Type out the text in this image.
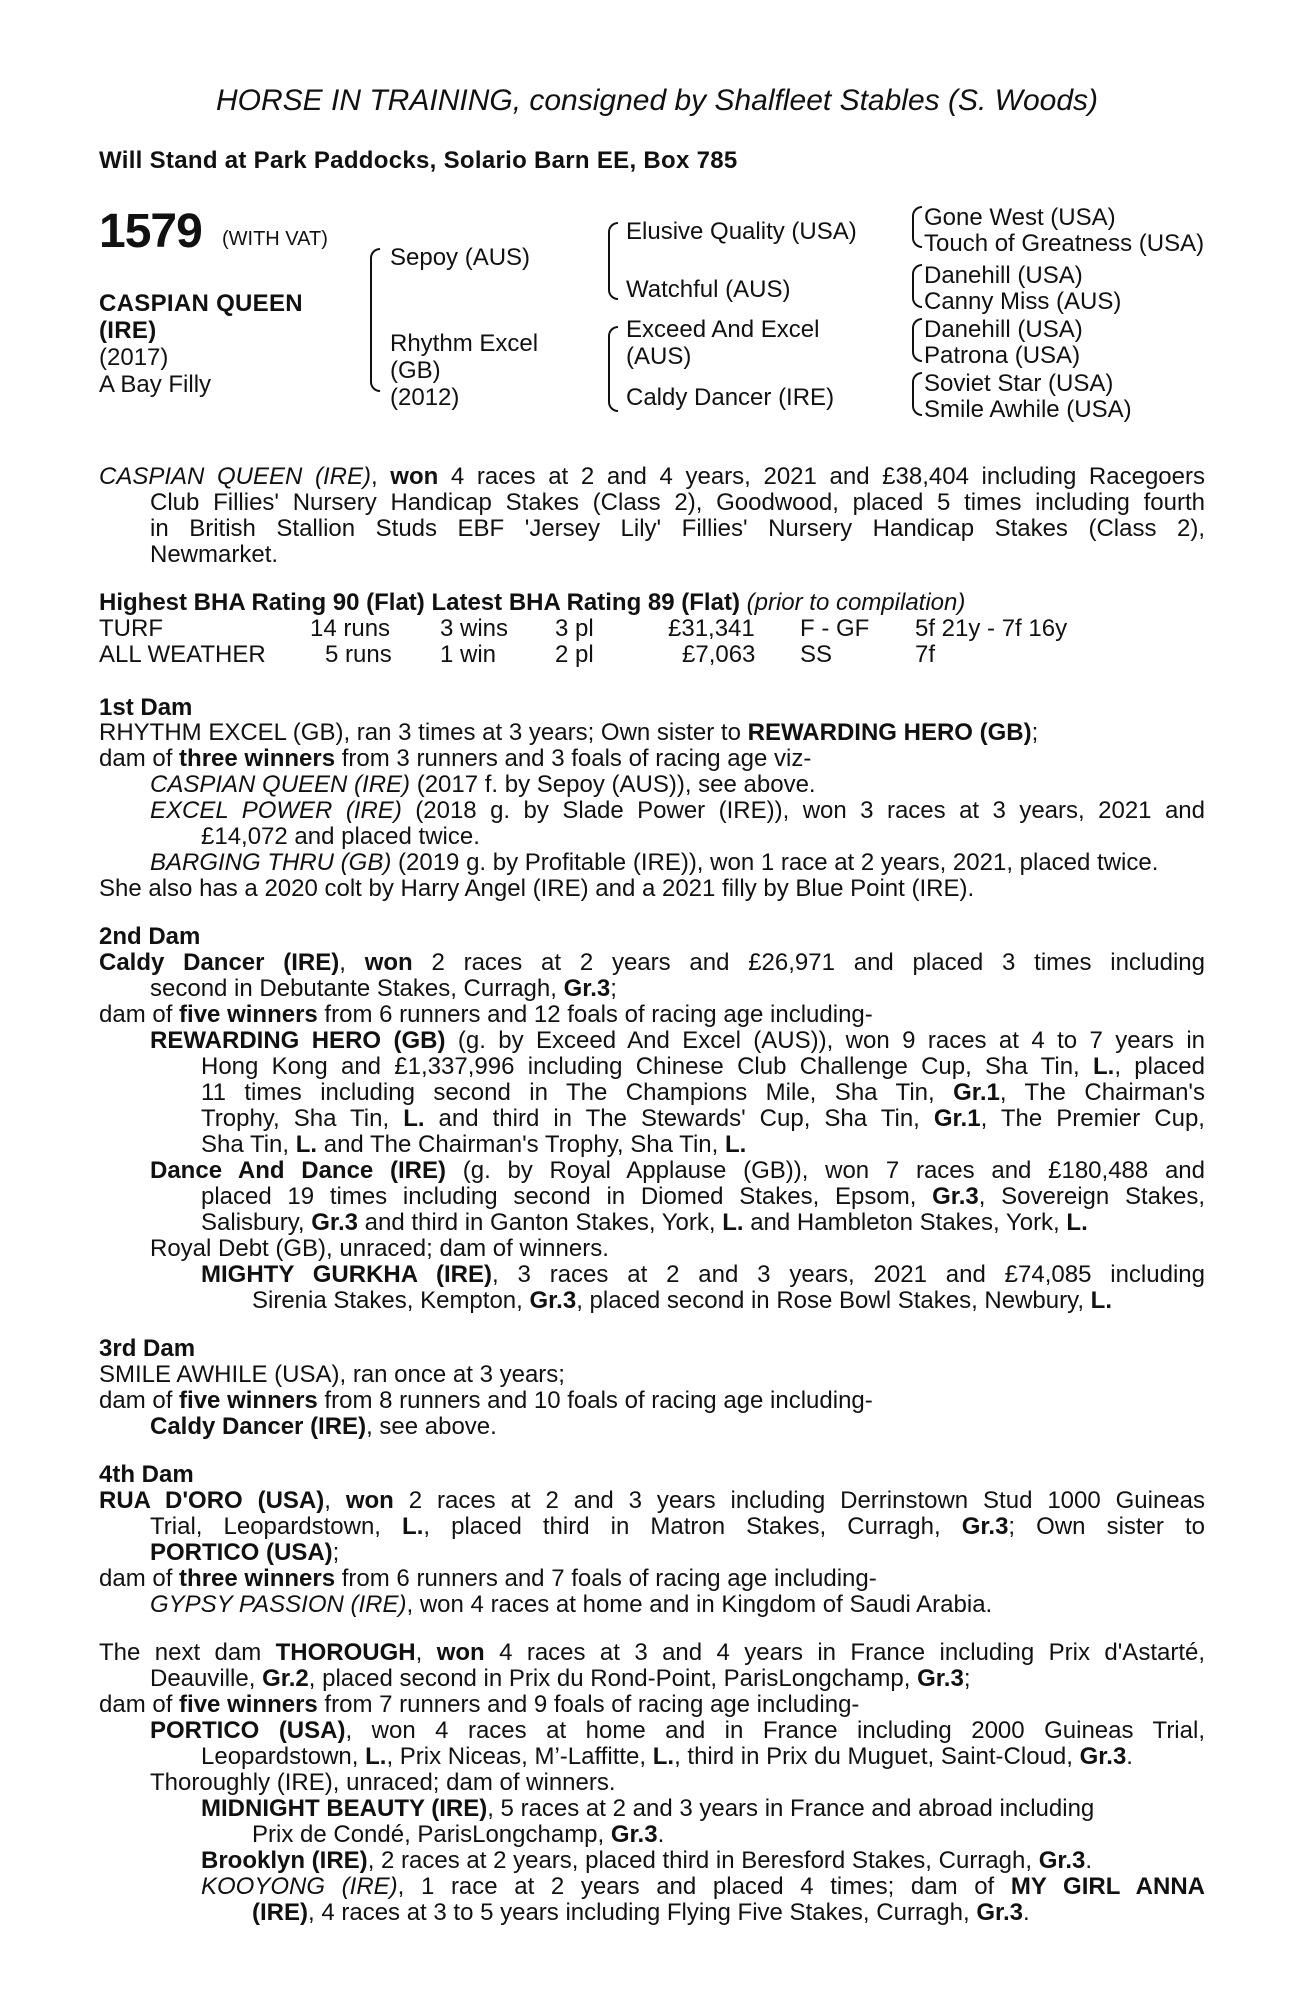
HORSE IN TRAINING, consigned by Shalfleet Stables (S. Woods)
Will Stand at Park Paddocks, Solario Barn EE, Box 785
1579 (WITH VAT)
CASPIAN QUEEN
(IRE)
(2017)
A Bay Filly
Sepoy (AUS)
Rhythm Excel
(GB)
(2012)
Elusive Quality (USA)
Watchful (AUS)
Exceed And Excel
(AUS)
Caldy Dancer (IRE)
Gone West (USA)
Touch of Greatness (USA)
Danehill (USA)
Canny Miss (AUS)
Danehill (USA)
Patrona (USA)
Soviet Star (USA)
Smile Awhile (USA)
CASPIAN QUEEN (IRE), won 4 races at 2 and 4 years, 2021 and £38,404 including Racegoers
Club Fillies' Nursery Handicap Stakes (Class 2), Goodwood, placed 5 times including fourth
in British Stallion Studs EBF 'Jersey Lily' Fillies' Nursery Handicap Stakes (Class 2),
Newmarket.
Highest BHA Rating 90 (Flat) Latest BHA Rating 89 (Flat) (prior to compilation)
TURF	14 runs 3 wins 3 pl	£31,341 F - GF 5f 21y - 7f 16y
ALL WEATHER 5 runs 1 win 2 pl	£7,063 SS	7f
1st Dam
RHYTHM EXCEL (GB), ran 3 times at 3 years; Own sister to REWARDING HERO (GB);
dam of three winners from 3 runners and 3 foals of racing age viz-
CASPIAN QUEEN (IRE) (2017 f. by Sepoy (AUS)), see above.
EXCEL POWER (IRE) (2018 g. by Slade Power (IRE)), won 3 races at 3 years, 2021 and
£14,072 and placed twice.
BARGING THRU (GB) (2019 g. by Profitable (IRE)), won 1 race at 2 years, 2021, placed twice.
She also has a 2020 colt by Harry Angel (IRE) and a 2021 filly by Blue Point (IRE).
2nd Dam
Caldy Dancer (IRE), won 2 races at 2 years and £26,971 and placed 3 times including
second in Debutante Stakes, Curragh, Gr.3;
dam of five winners from 6 runners and 12 foals of racing age including-
REWARDING HERO (GB) (g. by Exceed And Excel (AUS)), won 9 races at 4 to 7 years in
Hong Kong and £1,337,996 including Chinese Club Challenge Cup, Sha Tin, L., placed
11 times including second in The Champions Mile, Sha Tin, Gr.1, The Chairman's
Trophy, Sha Tin, L. and third in The Stewards' Cup, Sha Tin, Gr.1, The Premier Cup,
Sha Tin, L. and The Chairman's Trophy, Sha Tin, L.
Dance And Dance (IRE) (g. by Royal Applause (GB)), won 7 races and £180,488 and
placed 19 times including second in Diomed Stakes, Epsom, Gr.3, Sovereign Stakes,
Salisbury, Gr.3 and third in Ganton Stakes, York, L. and Hambleton Stakes, York, L.
Royal Debt (GB), unraced; dam of winners.
MIGHTY GURKHA (IRE), 3 races at 2 and 3 years, 2021 and £74,085 including
Sirenia Stakes, Kempton, Gr.3, placed second in Rose Bowl Stakes, Newbury, L.
3rd Dam
SMILE AWHILE (USA), ran once at 3 years;
dam of five winners from 8 runners and 10 foals of racing age including-
Caldy Dancer (IRE), see above.
4th Dam
RUA D'ORO (USA), won 2 races at 2 and 3 years including Derrinstown Stud 1000 Guineas
Trial, Leopardstown, L., placed third in Matron Stakes, Curragh, Gr.3; Own sister to
PORTICO (USA);
dam of three winners from 6 runners and 7 foals of racing age including-
GYPSY PASSION (IRE), won 4 races at home and in Kingdom of Saudi Arabia.
The next dam THOROUGH, won 4 races at 3 and 4 years in France including Prix d'Astarté,
Deauville, Gr.2, placed second in Prix du Rond-Point, ParisLongchamp, Gr.3;
dam of five winners from 7 runners and 9 foals of racing age including-
PORTICO (USA), won 4 races at home and in France including 2000 Guineas Trial,
Leopardstown, L., Prix Niceas, M’-Laffitte, L., third in Prix du Muguet, Saint-Cloud, Gr.3.
Thoroughly (IRE), unraced; dam of winners.
MIDNIGHT BEAUTY (IRE), 5 races at 2 and 3 years in France and abroad including
Prix de Condé, ParisLongchamp, Gr.3.
Brooklyn (IRE), 2 races at 2 years, placed third in Beresford Stakes, Curragh, Gr.3.
KOOYONG (IRE), 1 race at 2 years and placed 4 times; dam of MY GIRL ANNA
(IRE), 4 races at 3 to 5 years including Flying Five Stakes, Curragh, Gr.3.
